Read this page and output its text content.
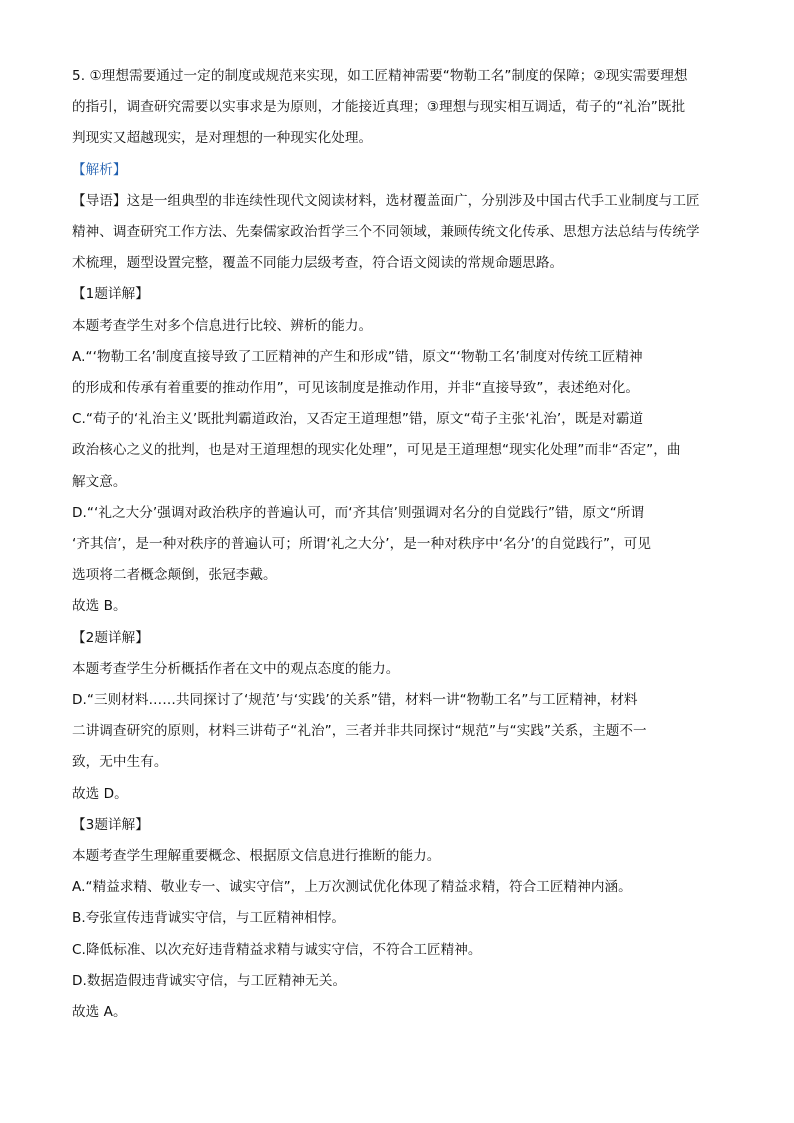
5. ①理想需要通过一定的制度或规范来实现，如工匠精神需要“物勒工名”制度的保障；②现实需要理想

的指引，调查研究需要以实事求是为原则，才能接近真理；③理想与现实相互调适，荀子的“礼治”既批

判现实又超越现实，是对理想的一种现实化处理。

【解析】

【导语】这是一组典型的非连续性现代文阅读材料，选材覆盖面广，分别涉及中国古代手工业制度与工匠

精神、调查研究工作方法、先秦儒家政治哲学三个不同领域，兼顾传统文化传承、思想方法总结与传统学

术梳理，题型设置完整，覆盖不同能力层级考查，符合语文阅读的常规命题思路。

【1题详解】

本题考查学生对多个信息进行比较、辨析的能力。

A.“‘物勒工名’制度直接导致了工匠精神的产生和形成”错，原文“‘物勒工名’制度对传统工匠精神

的形成和传承有着重要的推动作用”，可见该制度是推动作用，并非“直接导致”，表述绝对化。

C.“荀子的‘礼治主义’既批判霸道政治，又否定王道理想”错，原文“荀子主张‘礼治’，既是对霸道

政治核心之义的批判，也是对王道理想的现实化处理”，可见是王道理想“现实化处理”而非“否定”，曲

解文意。

D.“‘礼之大分’强调对政治秩序的普遍认可，而‘齐其信’则强调对名分的自觉践行”错，原文“所谓

‘齐其信’，是一种对秩序的普遍认可；所谓‘礼之大分’，是一种对秩序中‘名分’的自觉践行”，可见

选项将二者概念颠倒，张冠李戴。

故选 B。

【2题详解】

本题考查学生分析概括作者在文中的观点态度的能力。

D.“三则材料……共同探讨了‘规范’与‘实践’的关系”错，材料一讲“物勒工名”与工匠精神，材料

二讲调查研究的原则，材料三讲荀子“礼治”，三者并非共同探讨“规范”与“实践”关系，主题不一

致，无中生有。

故选 D。

【3题详解】

本题考查学生理解重要概念、根据原文信息进行推断的能力。

A.“精益求精、敬业专一、诚实守信”，上万次测试优化体现了精益求精，符合工匠精神内涵。

B.夸张宣传违背诚实守信，与工匠精神相悖。

C.降低标准、以次充好违背精益求精与诚实守信，不符合工匠精神。

D.数据造假违背诚实守信，与工匠精神无关。

故选 A。
